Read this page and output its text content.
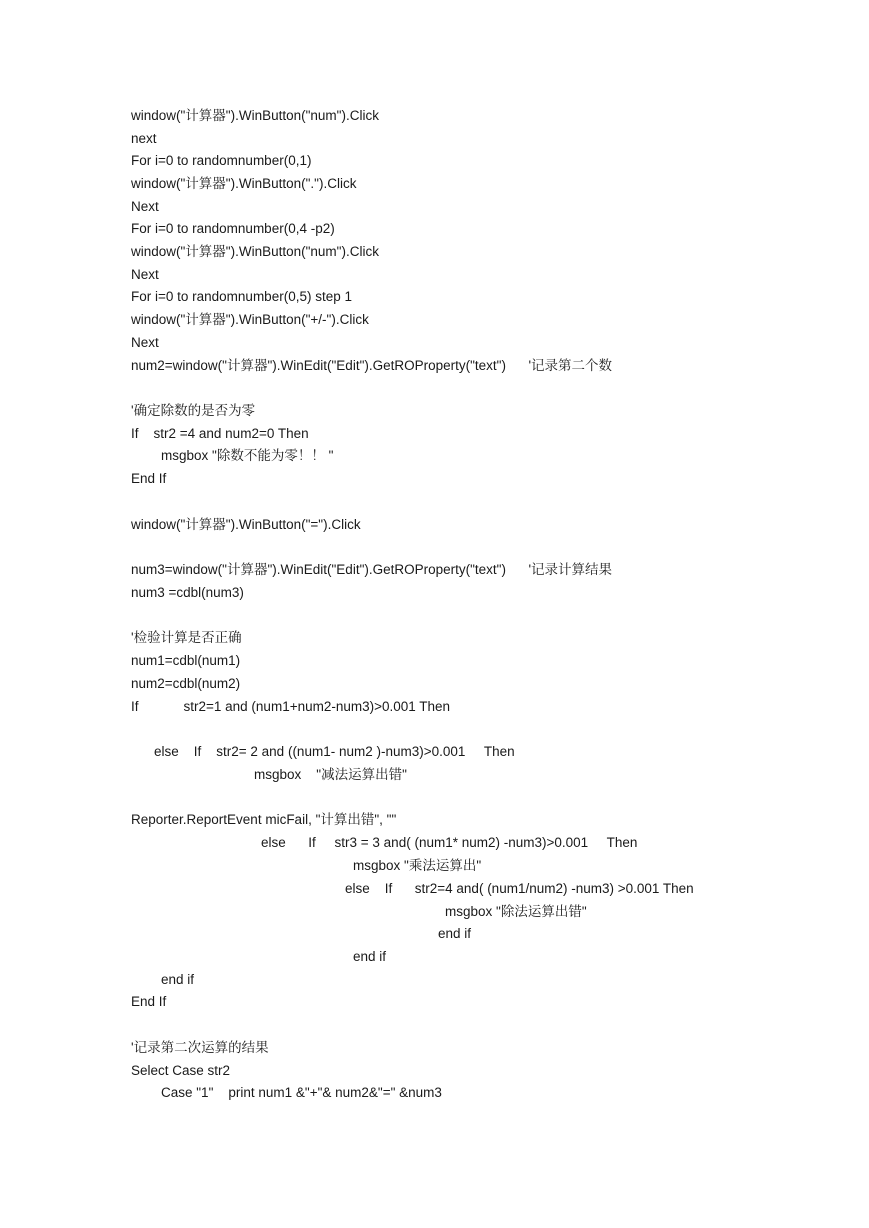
window("计算器").WinButton("num").Click
next
For i=0 to randomnumber(0,1)
window("计算器").WinButton(".").Click
Next
For i=0 to randomnumber(0,4 -p2)
window("计算器").WinButton("num").Click
Next
For i=0 to randomnumber(0,5) step 1
window("计算器").WinButton("+/-").Click
Next
num2=window("计算器").WinEdit("Edit").GetROProperty("text")      '记录第二个数
'确定除数的是否为零
If    str2 =4 and num2=0 Then
msgbox "除数不能为零！！ "
End If
window("计算器").WinButton("=").Click
num3=window("计算器").WinEdit("Edit").GetROProperty("text")      '记录计算结果
num3 =cdbl(num3)
'检验计算是否正确
num1=cdbl(num1)
num2=cdbl(num2)
If            str2=1 and (num1+num2-num3)>0.001 Then
else    If    str2= 2 and ((num1- num2 )-num3)>0.001     Then
msgbox    "减法运算出错"
Reporter.ReportEvent micFail, "计算出错", ""
else      If     str3 = 3 and( (num1* num2) -num3)>0.001     Then
msgbox "乘法运算出"
else    If      str2=4 and( (num1/num2) -num3) >0.001 Then
msgbox "除法运算出错"
end if
end if
end if
End If
'记录第二次运算的结果
Select Case str2
Case "1"    print num1 &"+"& num2&"=" &num3
